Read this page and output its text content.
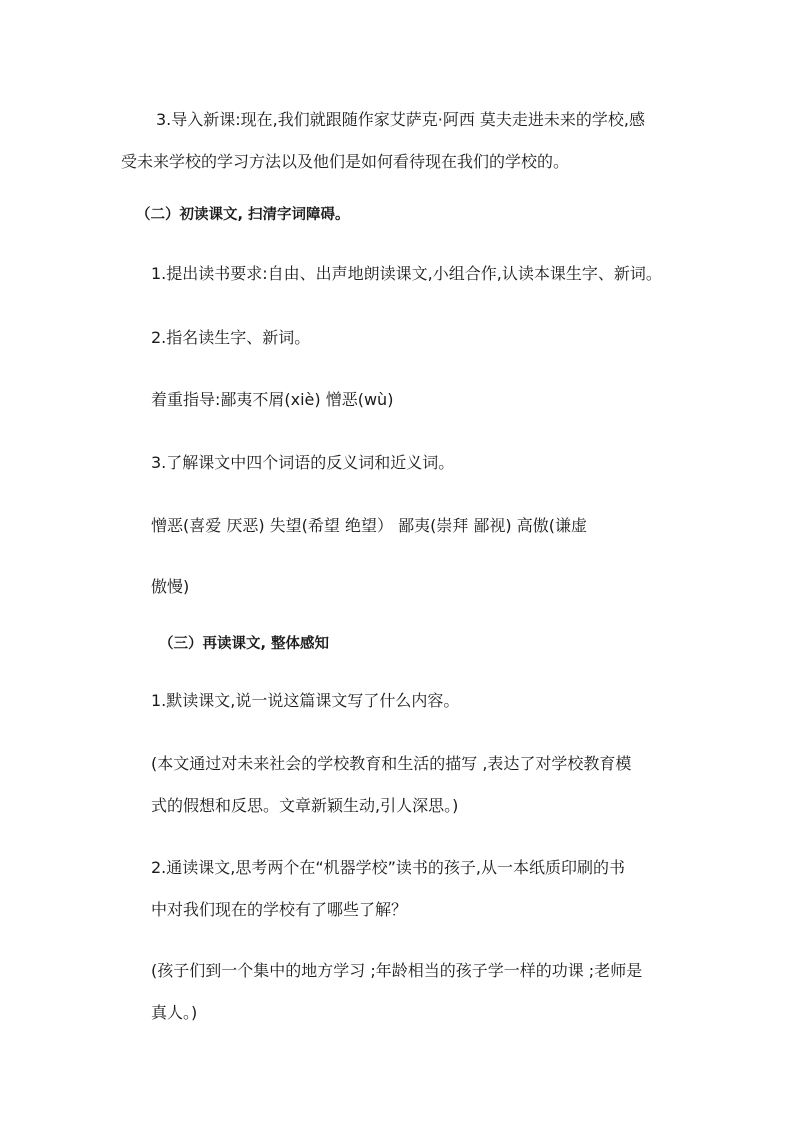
3.导入新课:现在,我们就跟随作家艾萨克·阿西 莫夫走进未来的学校,感
受未来学校的学习方法以及他们是如何看待现在我们的学校的。
（二）初读课文, 扫清字词障碍。
1.提出读书要求:自由、出声地朗读课文,小组合作,认读本课生字、新词。
2.指名读生字、新词。
着重指导:鄙夷不屑(xiè) 憎恶(wù)
3.了解课文中四个词语的反义词和近义词。
憎恶(喜爱 厌恶) 失望(希望 绝望） 鄙夷(崇拜 鄙视) 高傲(谦虚
傲慢)
（三）再读课文, 整体感知
1.默读课文,说一说这篇课文写了什么内容。
(本文通过对未来社会的学校教育和生活的描写 ,表达了对学校教育模
式的假想和反思。文章新颖生动,引人深思。)
2.通读课文,思考两个在“机器学校”读书的孩子,从一本纸质印刷的书
中对我们现在的学校有了哪些了解？
(孩子们到一个集中的地方学习 ;年龄相当的孩子学一样的功课 ;老师是
真人。)
